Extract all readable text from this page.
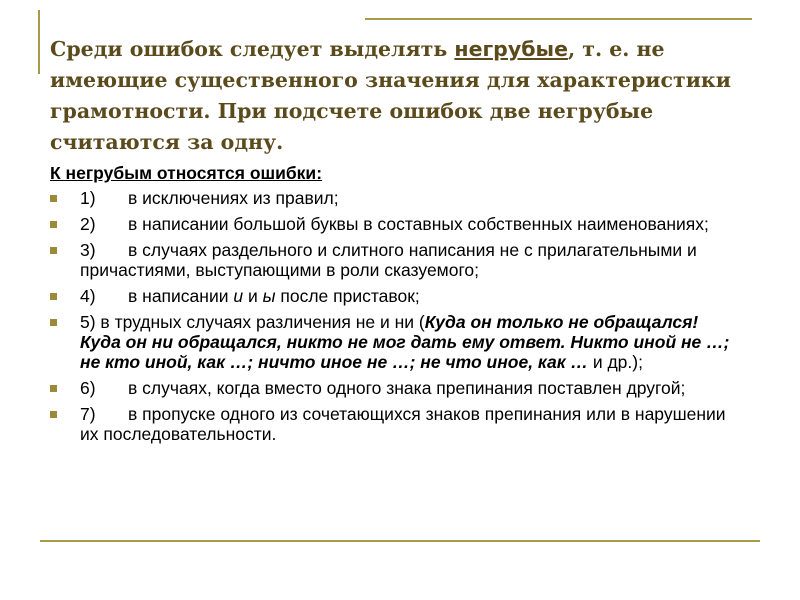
Среди ошибок следует выделять негрубые, т. е. не имеющие существенного значения для характеристики грамотности. При подсчете ошибок две негрубые считаются за одну.
К негрубым относятся ошибки:
1) в исключениях из правил;
2) в написании большой буквы в составных собственных наименованиях;
3) в случаях раздельного и слитного написания не с прилагательными и причастиями, выступающими в роли сказуемого;
4) в написании и и ы после приставок;
5) в трудных случаях различения не и ни (Куда он только не обращался! Куда он ни обращался, никто не мог дать ему ответ. Никто иной не …; не кто иной, как …; ничто иное не …; не что иное, как … и др.);
6) в случаях, когда вместо одного знака препинания поставлен другой;
7) в пропуске одного из сочетающихся знаков препинания или в нарушении их последовательности.
